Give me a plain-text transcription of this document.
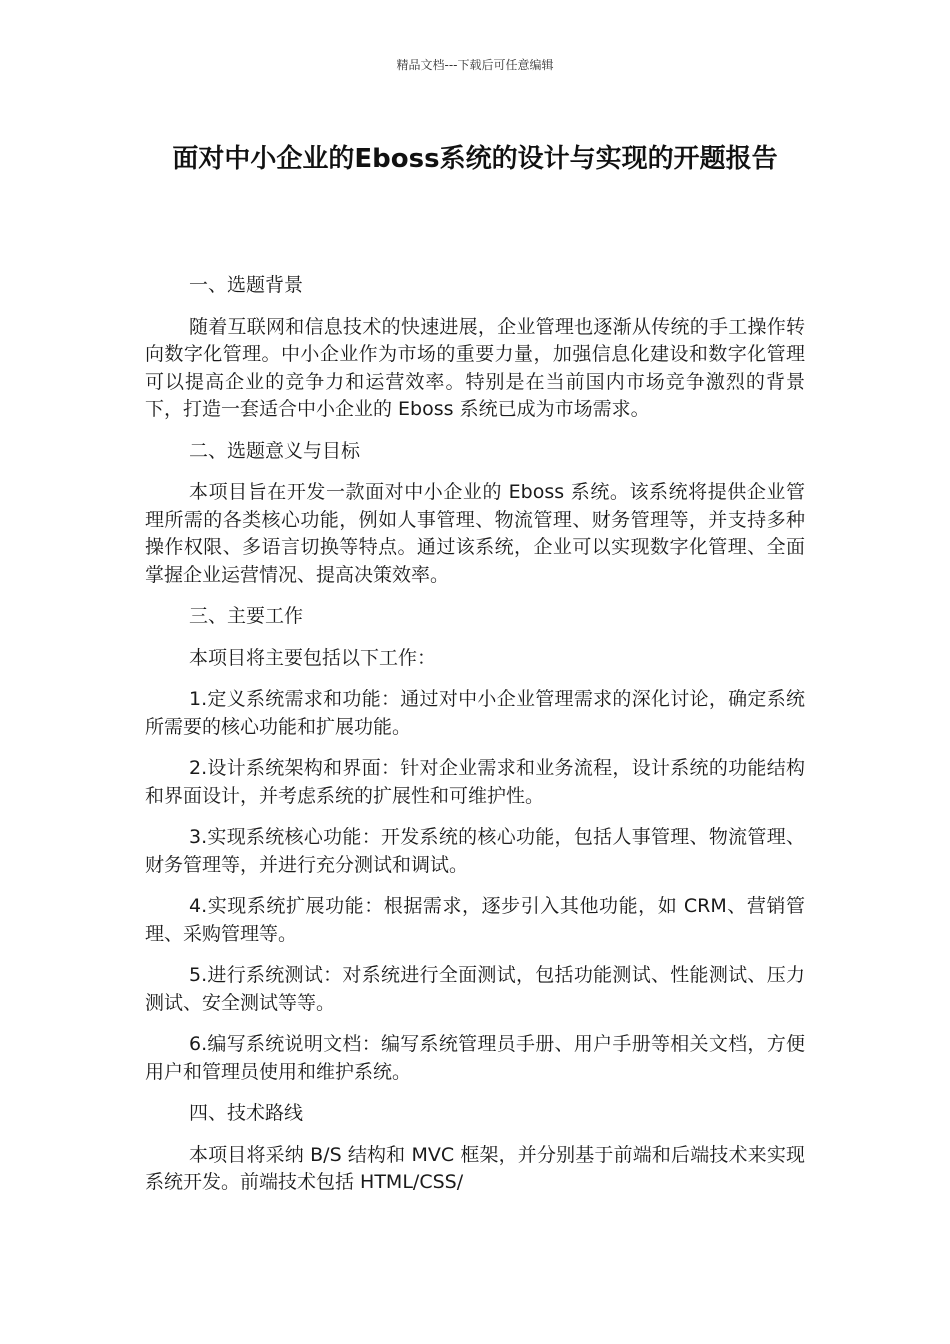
精品文档---下载后可任意编辑
面对中小企业的Eboss系统的设计与实现的开题报告

一、选题背景

随着互联网和信息技术的快速进展，企业管理也逐渐从传统的手工操作转向数字化管理。中小企业作为市场的重要力量，加强信息化建设和数字化管理可以提高企业的竞争力和运营效率。特别是在当前国内市场竞争激烈的背景下，打造一套适合中小企业的 Eboss 系统已成为市场需求。

二、选题意义与目标

本项目旨在开发一款面对中小企业的 Eboss 系统。该系统将提供企业管理所需的各类核心功能，例如人事管理、物流管理、财务管理等，并支持多种操作权限、多语言切换等特点。通过该系统，企业可以实现数字化管理、全面掌握企业运营情况、提高决策效率。

三、主要工作

本项目将主要包括以下工作：

1.定义系统需求和功能：通过对中小企业管理需求的深化讨论，确定系统所需要的核心功能和扩展功能。

2.设计系统架构和界面：针对企业需求和业务流程，设计系统的功能结构和界面设计，并考虑系统的扩展性和可维护性。

3.实现系统核心功能：开发系统的核心功能，包括人事管理、物流管理、财务管理等，并进行充分测试和调试。

4.实现系统扩展功能：根据需求，逐步引入其他功能，如 CRM、营销管理、采购管理等。

5.进行系统测试：对系统进行全面测试，包括功能测试、性能测试、压力测试、安全测试等等。

6.编写系统说明文档：编写系统管理员手册、用户手册等相关文档，方便用户和管理员使用和维护系统。

四、技术路线

本项目将采纳 B/S 结构和 MVC 框架，并分别基于前端和后端技术来实现系统开发。前端技术包括 HTML/CSS/
